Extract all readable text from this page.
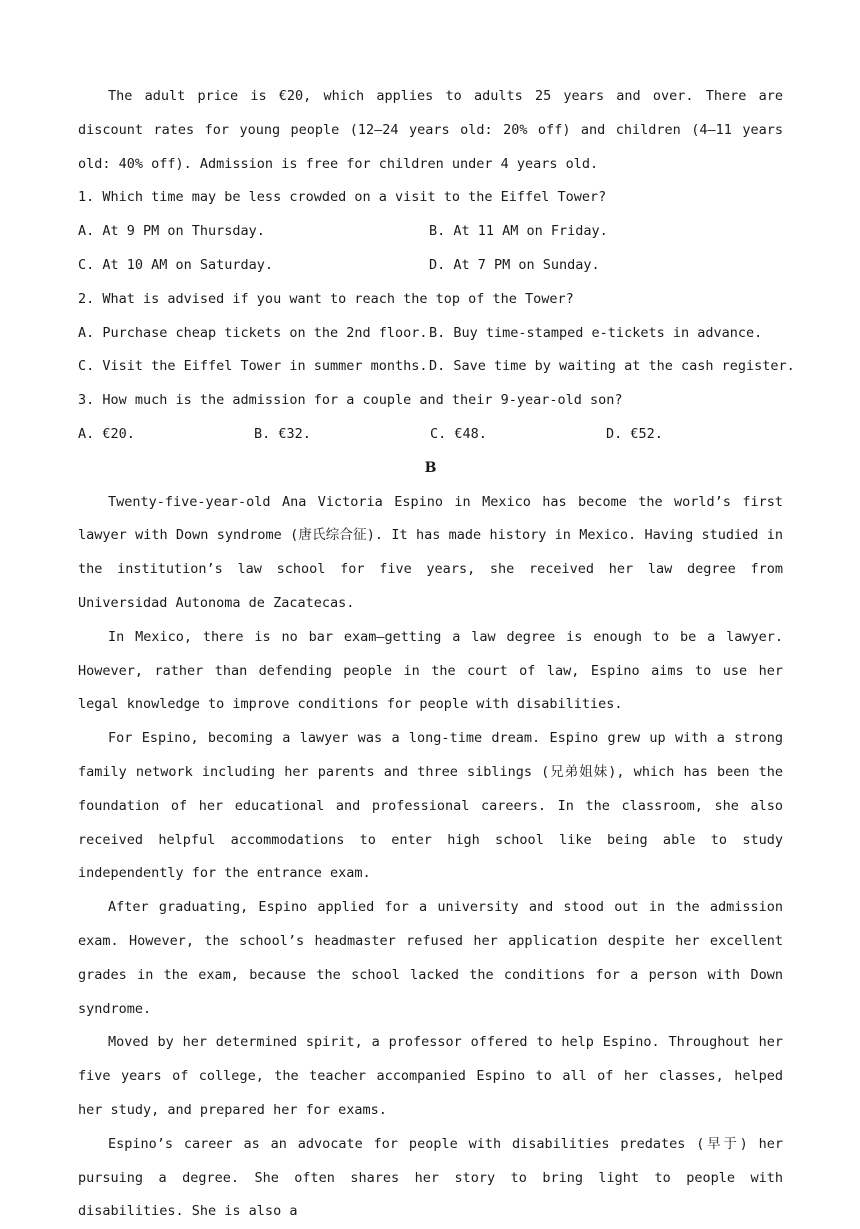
The adult price is €20, which applies to adults 25 years and over. There are discount rates for young people (12—24 years old: 20% off) and children (4—11 years old: 40% off). Admission is free for children under 4 years old.

1. Which time may be less crowded on a visit to the Eiffel Tower?

A. At 9 PM on Thursday.	B. At 11 AM on Friday.
C. At 10 AM on Saturday.	D. At 7 PM on Sunday.

2. What is advised if you want to reach the top of the Tower?

A. Purchase cheap tickets on the 2nd floor. B. Buy time-stamped e-tickets in advance.
C. Visit the Eiffel Tower in summer months. D. Save time by waiting at the cash register.

3. How much is the admission for a couple and their 9-year-old son?

A. €20.	B. €32.	C. €48.	D. €52.

B

Twenty-five-year-old Ana Victoria Espino in Mexico has become the world’s first lawyer with Down syndrome (唐氏综合征). It has made history in Mexico. Having studied in the institution’s law school for five years, she received her law degree from Universidad Autonoma de Zacatecas.

In Mexico, there is no bar exam—getting a law degree is enough to be a lawyer. However, rather than defending people in the court of law, Espino aims to use her legal knowledge to improve conditions for people with disabilities.

For Espino, becoming a lawyer was a long-time dream. Espino grew up with a strong family network including her parents and three siblings (兄弟姐妹), which has been the foundation of her educational and professional careers. In the classroom, she also received helpful accommodations to enter high school like being able to study independently for the entrance exam.

After graduating, Espino applied for a university and stood out in the admission exam. However, the school’s headmaster refused her application despite her excellent grades in the exam, because the school lacked the conditions for a person with Down syndrome.

Moved by her determined spirit, a professor offered to help Espino. Throughout her five years of college, the teacher accompanied Espino to all of her classes, helped her study, and prepared her for exams.

Espino’s career as an advocate for people with disabilities predates (早于) her pursuing a degree. She often shares her story to bring light to people with disabilities. She is also a
